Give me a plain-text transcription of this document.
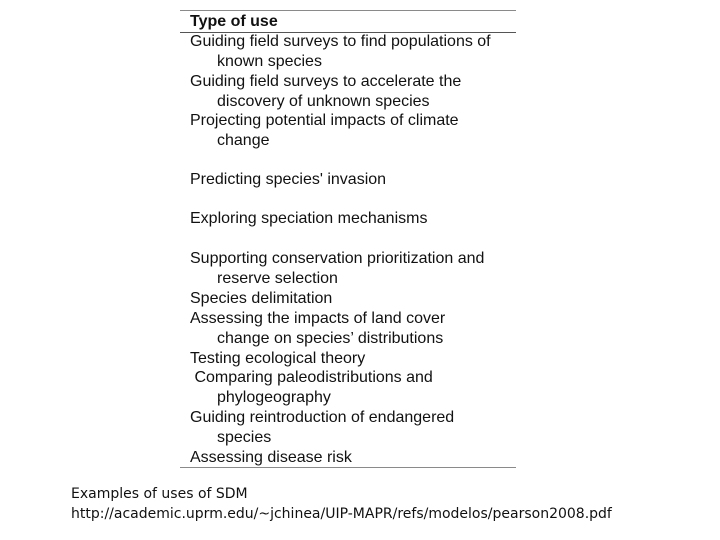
Type of use
Guiding field surveys to find populations of
known species
Guiding field surveys to accelerate the
discovery of unknown species
Projecting potential impacts of climate
change
Predicting species' invasion
Exploring speciation mechanisms
Supporting conservation prioritization and
reserve selection
Species delimitation
Assessing the impacts of land cover
change on species’ distributions
Testing ecological theory
Comparing paleodistributions and
phylogeography
Guiding reintroduction of endangered
species
Assessing disease risk
Examples of uses of SDM
http://academic.uprm.edu/~jchinea/UIP-MAPR/refs/modelos/pearson2008.pdf
